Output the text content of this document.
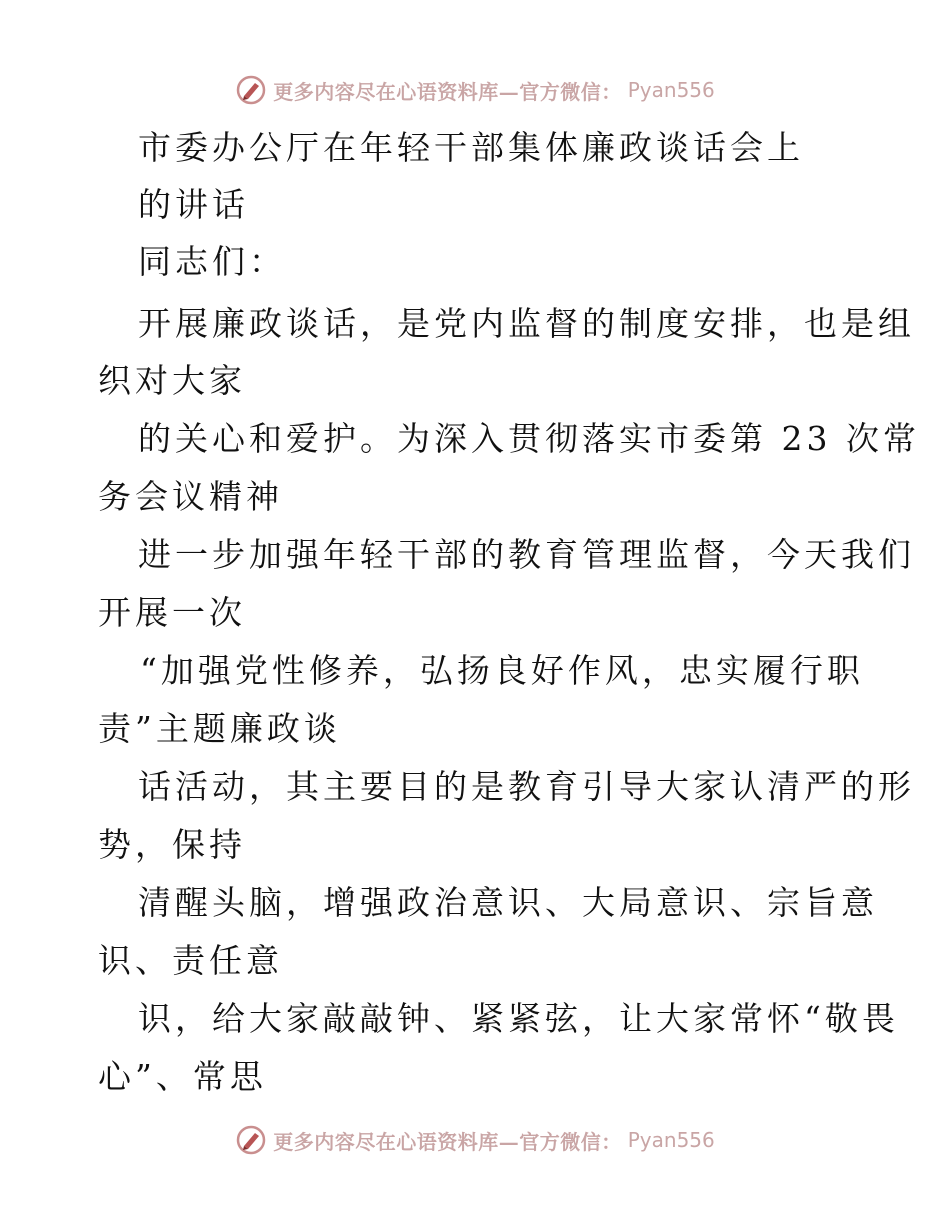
更多内容尽在心语资料库—官方微信： Pyan556
市委办公厅在年轻干部集体廉政谈话会上
的讲话
同志们：
开展廉政谈话，是党内监督的制度安排，也是组
织对大家
的关心和爱护。为深入贯彻落实市委第 23 次常
务会议精神
进一步加强年轻干部的教育管理监督，今天我们
开展一次
“加强党性修养，弘扬良好作风，忠实履行职
责”主题廉政谈
话活动，其主要目的是教育引导大家认清严的形
势，保持
清醒头脑，增强政治意识、大局意识、宗旨意
识、责任意
识，给大家敲敲钟、紧紧弦，让大家常怀“敬畏
心”、常思
更多内容尽在心语资料库—官方微信： Pyan556
